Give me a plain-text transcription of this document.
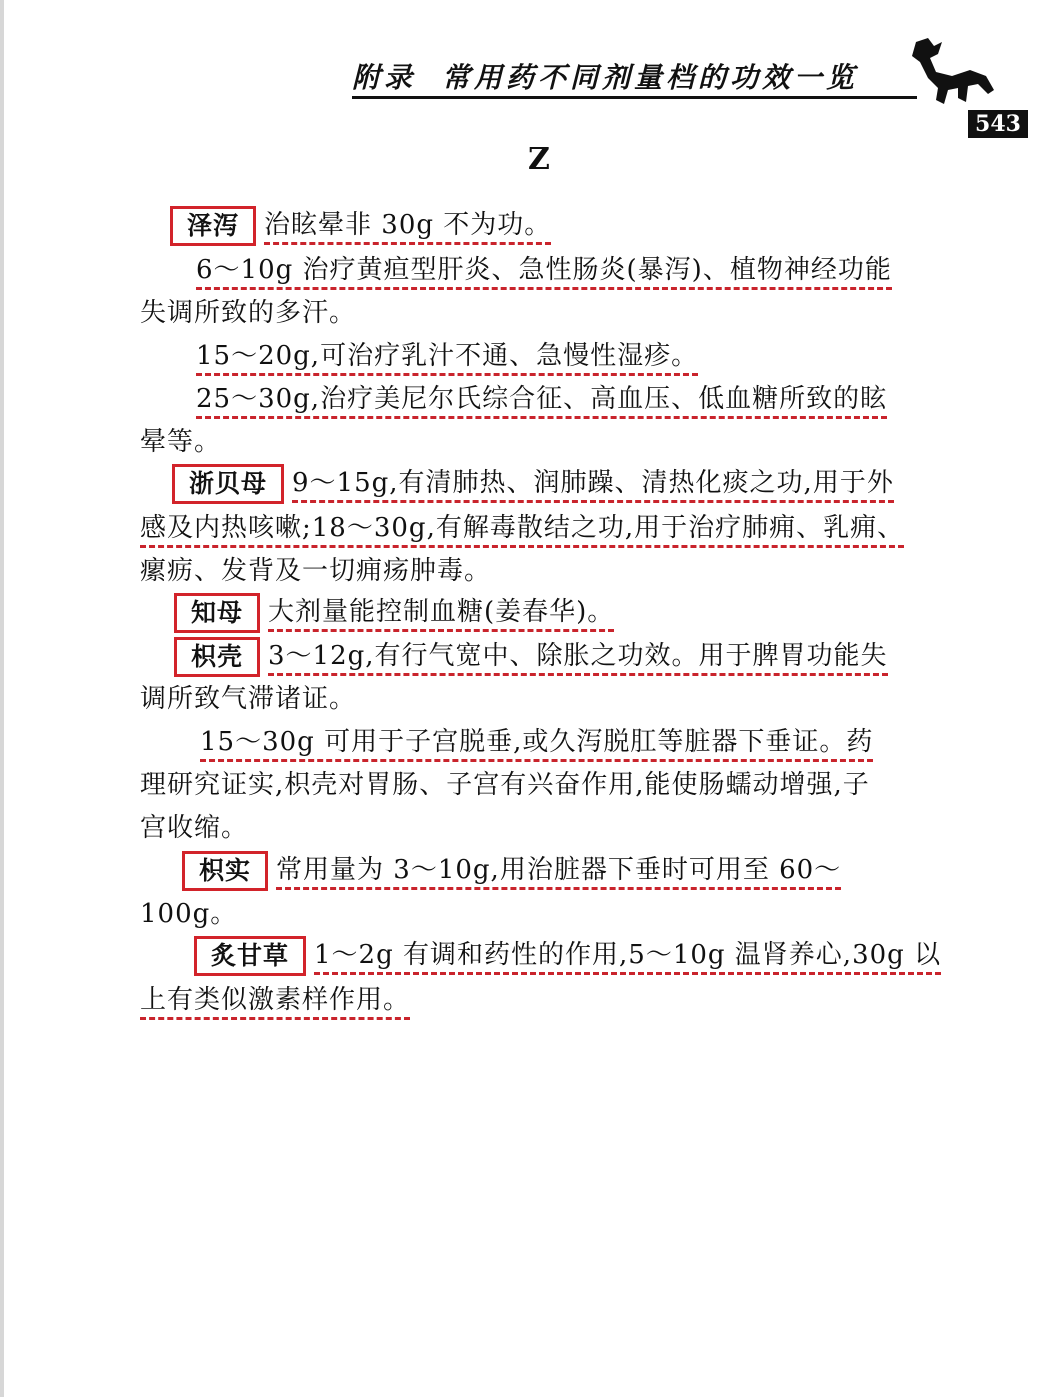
附录 常用药不同剂量档的功效一览
543
Z
泽泻 治眩晕非 30g 不为功。
6～10g 治疗黄疸型肝炎、急性肠炎(暴泻)、植物神经功能
失调所致的多汗。
15～20g,可治疗乳汁不通、急慢性湿疹。
25～30g,治疗美尼尔氏综合征、高血压、低血糖所致的眩
晕等。
浙贝母 9～15g,有清肺热、润肺躁、清热化痰之功,用于外
感及内热咳嗽;18～30g,有解毒散结之功,用于治疗肺痈、乳痈、
瘰疬、发背及一切痈疡肿毒。
知母 大剂量能控制血糖(姜春华)。
枳壳 3～12g,有行气宽中、除胀之功效。用于脾胃功能失
调所致气滞诸证。
15～30g 可用于子宫脱垂,或久泻脱肛等脏器下垂证。药
理研究证实,枳壳对胃肠、子宫有兴奋作用,能使肠蠕动增强,子
宫收缩。
枳实 常用量为 3～10g,用治脏器下垂时可用至 60～
100g。
炙甘草 1～2g 有调和药性的作用,5～10g 温肾养心,30g 以
上有类似激素样作用。
